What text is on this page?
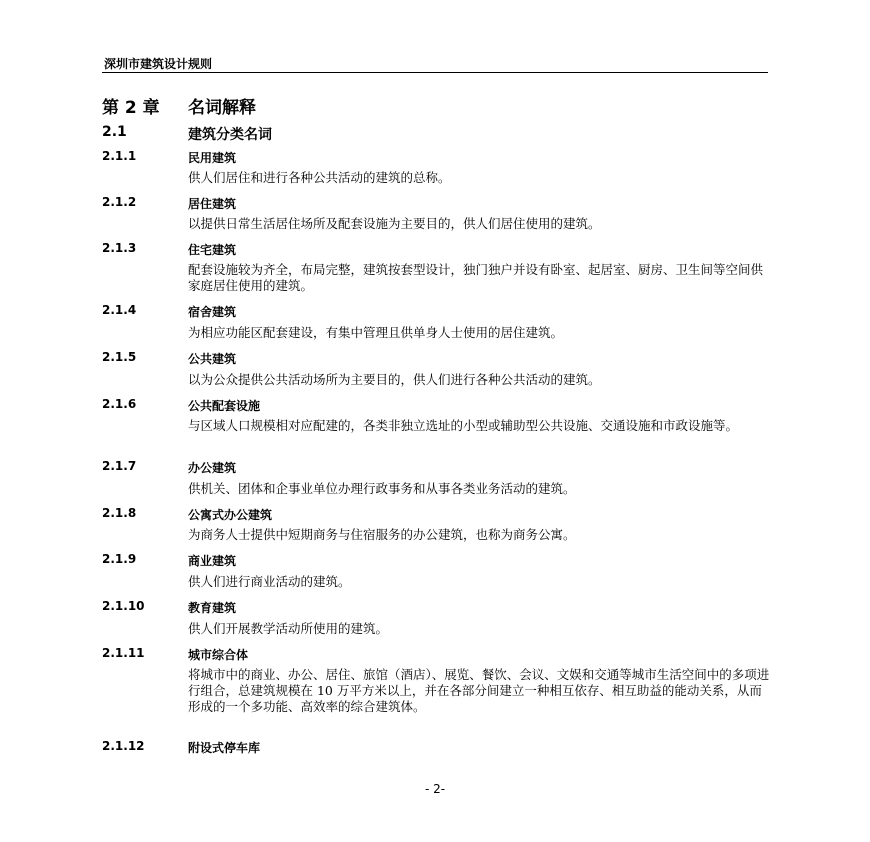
深圳市建筑设计规则
第 2 章 名词解释
2.1	建筑分类名词
2.1.1	民用建筑
供人们居住和进行各种公共活动的建筑的总称。
2.1.2	居住建筑
以提供日常生活居住场所及配套设施为主要目的，供人们居住使用的建筑。
2.1.3	住宅建筑
配套设施较为齐全，布局完整，建筑按套型设计，独门独户并设有卧室、起居室、厨房、卫生间等空间供家庭居住使用的建筑。
2.1.4	宿舍建筑
为相应功能区配套建设，有集中管理且供单身人士使用的居住建筑。
2.1.5	公共建筑
以为公众提供公共活动场所为主要目的，供人们进行各种公共活动的建筑。
2.1.6	公共配套设施
与区域人口规模相对应配建的，各类非独立选址的小型或辅助型公共设施、交通设施和市政设施等。
2.1.7	办公建筑
供机关、团体和企事业单位办理行政事务和从事各类业务活动的建筑。
2.1.8	公寓式办公建筑
为商务人士提供中短期商务与住宿服务的办公建筑，也称为商务公寓。
2.1.9	商业建筑
供人们进行商业活动的建筑。
2.1.10	教育建筑
供人们开展教学活动所使用的建筑。
2.1.11	城市综合体
将城市中的商业、办公、居住、旅馆（酒店）、展览、餐饮、会议、文娱和交通等城市生活空间中的多项进行组合，总建筑规模在 10 万平方米以上，并在各部分间建立一种相互依存、相互助益的能动关系，从而形成的一个多功能、高效率的综合建筑体。
2.1.12	附设式停车库
- 2-
